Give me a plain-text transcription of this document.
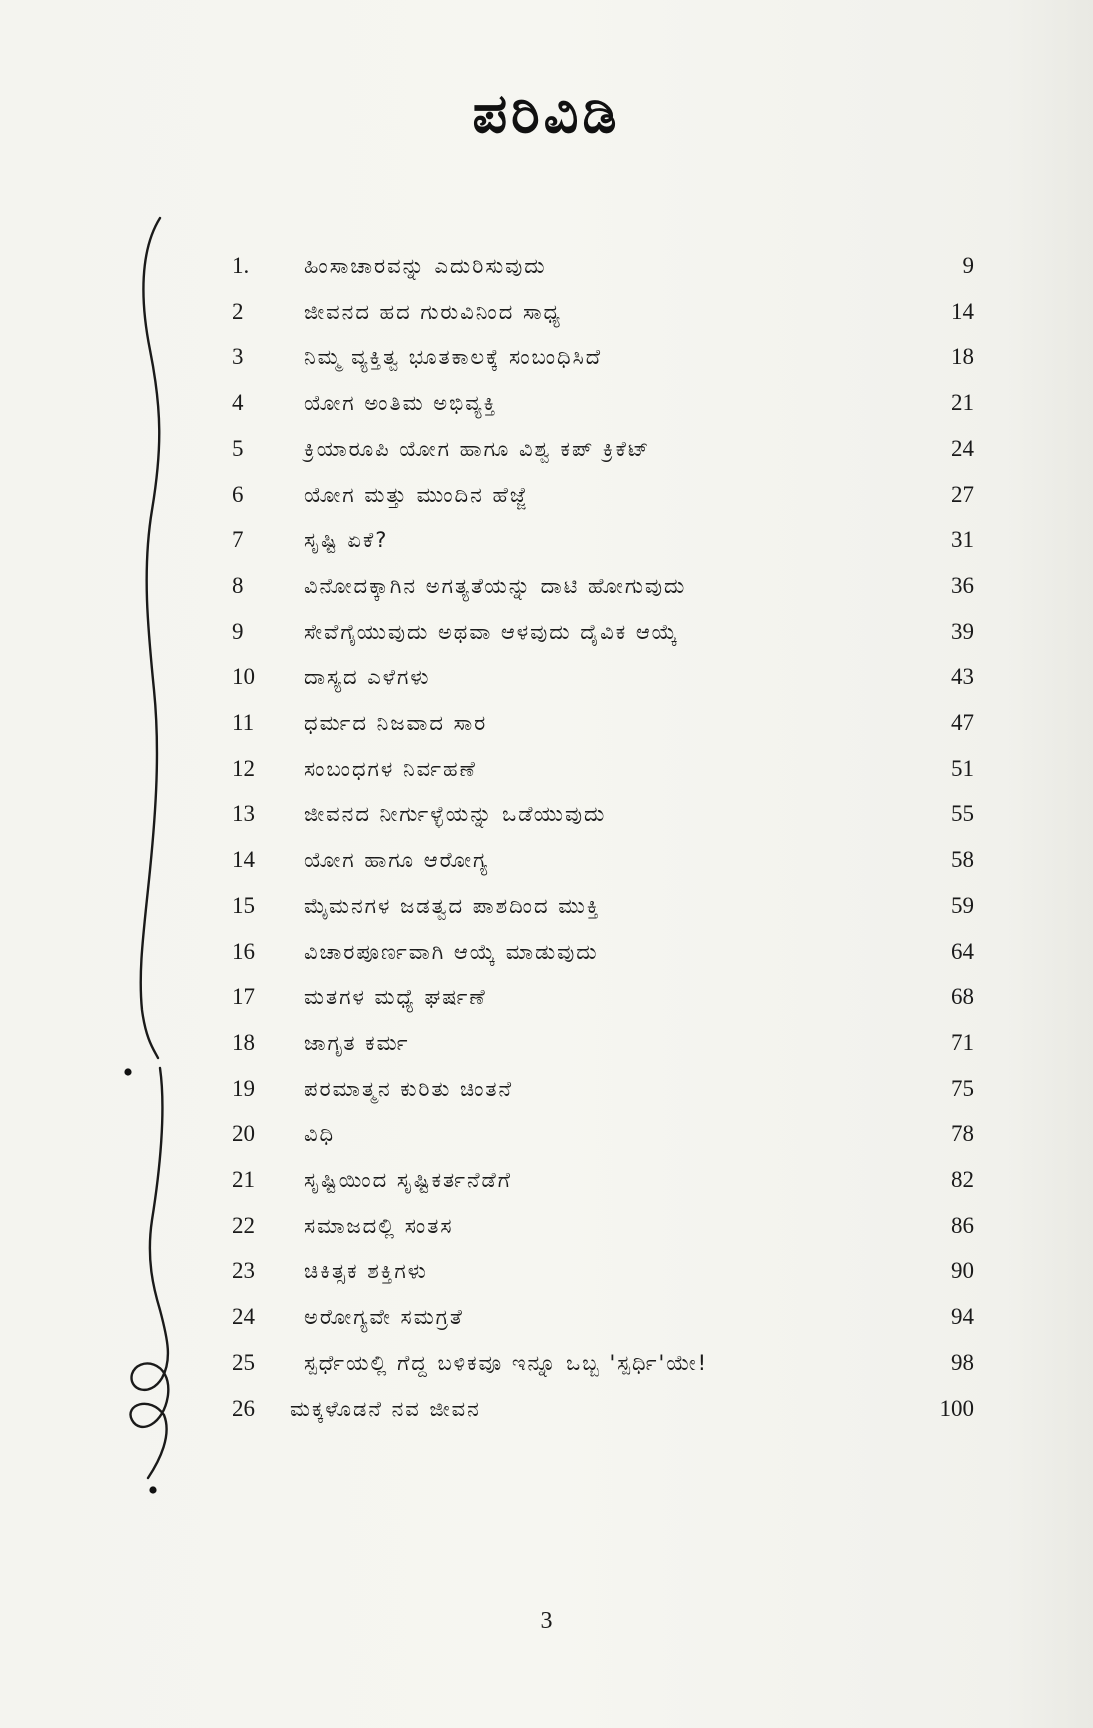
ಪರಿವಿಡಿ
1.	ಹಿಂಸಾಚಾರವನ್ನು ಎದುರಿಸುವುದು	9
2	ಜೀವನದ ಹದ ಗುರುವಿನಿಂದ ಸಾಧ್ಯ	14
3	ನಿಮ್ಮ ವ್ಯಕ್ತಿತ್ವ ಭೂತಕಾಲಕ್ಕೆ ಸಂಬಂಧಿಸಿದೆ	18
4	ಯೋಗ ಅಂತಿಮ ಅಭಿವ್ಯಕ್ತಿ	21
5	ಕ್ರಿಯಾರೂಪಿ ಯೋಗ ಹಾಗೂ ವಿಶ್ವ ಕಪ್ ಕ್ರಿಕೆಟ್	24
6	ಯೋಗ ಮತ್ತು ಮುಂದಿನ ಹೆಜ್ಜೆ	27
7	ಸೃಷ್ಟಿ ಏಕೆ?	31
8	ವಿನೋದಕ್ಕಾಗಿನ ಅಗತ್ಯತೆಯನ್ನು ದಾಟಿ ಹೋಗುವುದು	36
9	ಸೇವೆಗೈಯುವುದು ಅಥವಾ ಆಳವುದು ದೈವಿಕ ಆಯ್ಕೆ	39
10	ದಾಸ್ಯದ ಎಳೆಗಳು	43
11	ಧರ್ಮದ ನಿಜವಾದ ಸಾರ	47
12	ಸಂಬಂಧಗಳ ನಿರ್ವಹಣೆ	51
13	ಜೀವನದ ನೀರ್ಗುಳ್ಳೆಯನ್ನು ಒಡೆಯುವುದು	55
14	ಯೋಗ ಹಾಗೂ ಆರೋಗ್ಯ	58
15	ಮೈಮನಗಳ ಜಡತ್ವದ ಪಾಶದಿಂದ ಮುಕ್ತಿ	59
16	ವಿಚಾರಪೂರ್ಣವಾಗಿ ಆಯ್ಕೆ ಮಾಡುವುದು	64
17	ಮತಗಳ ಮಧ್ಯೆ ಘರ್ಷಣೆ	68
18	ಜಾಗೃತ ಕರ್ಮ	71
19	ಪರಮಾತ್ಮನ ಕುರಿತು ಚಿಂತನೆ	75
20	ವಿಧಿ	78
21	ಸೃಷ್ಟಿಯಿಂದ ಸೃಷ್ಟಿಕರ್ತನೆಡೆಗೆ	82
22	ಸಮಾಜದಲ್ಲಿ ಸಂತಸ	86
23	ಚಿಕಿತ್ಸಕ ಶಕ್ತಿಗಳು	90
24	ಅರೋಗ್ಯವೇ ಸಮಗ್ರತೆ	94
25	ಸ್ಪರ್ಧೆಯಲ್ಲಿ ಗೆದ್ದ ಬಳಿಕವೂ ಇನ್ನೂ ಒಬ್ಬ 'ಸ್ಪರ್ಧಿ'ಯೇ!	98
26	ಮಕ್ಕಳೊಡನೆ ನವ ಜೀವನ	100
3
